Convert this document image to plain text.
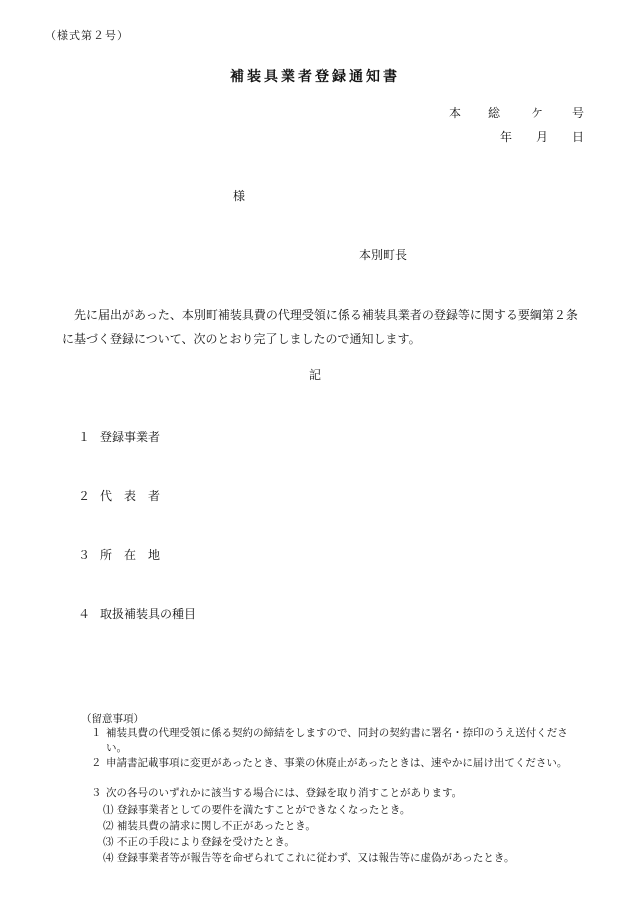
（様式第２号）
補装具業者登録通知書
本 総	ケ 号
年 月 日
様
本別町長
先に届出があった、本別町補装具費の代理受領に係る補装具業者の登録等に関する要綱第２条
に基づく登録について、次のとおり完了しましたので通知します。
記
１ 登録事業者
２ 代　表　者
３ 所　在　地
４ 取扱補装具の種目
（留意事項）
１ 補装具費の代理受領に係る契約の締結をしますので、同封の契約書に署名・捺印のうえ送付ください。
２ 申請書記載事項に変更があったとき、事業の休廃止があったときは、速やかに届け出てください。
３ 次の各号のいずれかに該当する場合には、登録を取り消すことがあります。
⑴ 登録事業者としての要件を満たすことができなくなったとき。
⑵ 補装具費の請求に関し不正があったとき。
⑶ 不正の手段により登録を受けたとき。
⑷ 登録事業者等が報告等を命ぜられてこれに従わず、又は報告等に虚偽があったとき。
